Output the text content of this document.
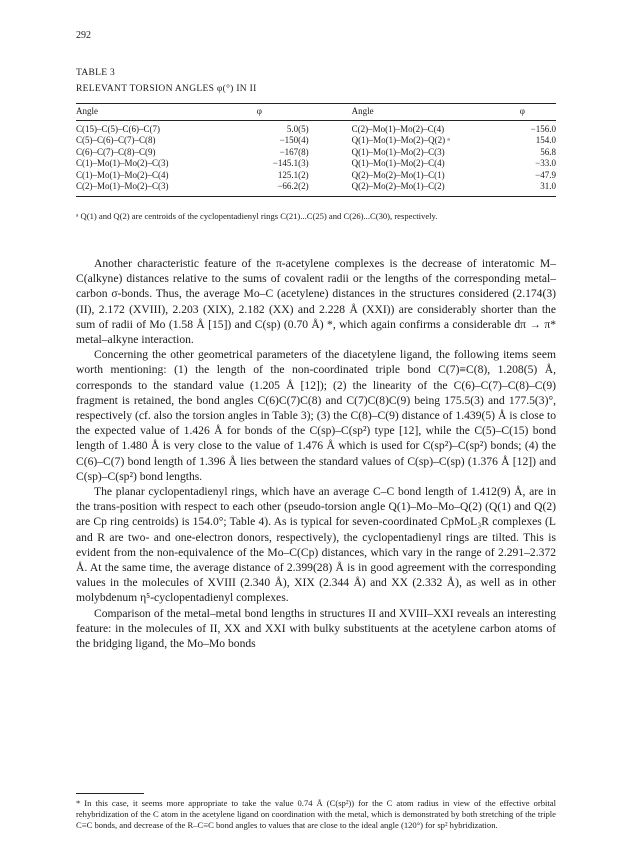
292
TABLE 3
RELEVANT TORSION ANGLES φ(°) IN II
Angle	φ	Angle	φ
C(15)–C(5)–C(6)–C(7)	5.0(5)	C(2)–Mo(1)–Mo(2)–C(4)	−156.0
C(5)–C(6)–C(7)–C(8)	−150(4)	Q(1)–Mo(1)–Mo(2)–Q(2) ᵃ	154.0
C(6)–C(7)–C(8)–C(9)	−167(8)	Q(1)–Mo(1)–Mo(2)–C(3)	56.8
C(1)–Mo(1)–Mo(2)–C(3)	−145.1(3)	Q(1)–Mo(1)–Mo(2)–C(4)	−33.0
C(1)–Mo(1)–Mo(2)–C(4)	125.1(2)	Q(2)–Mo(2)–Mo(1)–C(1)	−47.9
C(2)–Mo(1)–Mo(2)–C(3)	−66.2(2)	Q(2)–Mo(2)–Mo(1)–C(2)	31.0
ᵃ Q(1) and Q(2) are centroids of the cyclopentadienyl rings C(21)...C(25) and C(26)...C(30), respectively.

Another characteristic feature of the π-acetylene complexes is the decrease of interatomic M–C(alkyne) distances relative to the sums of covalent radii or the lengths of the corresponding metal–carbon σ-bonds. Thus, the average Mo–C (acetylene) distances in the structures considered (2.174(3) (II), 2.172 (XVIII), 2.203 (XIX), 2.182 (XX) and 2.228 Å (XXI)) are considerably shorter than the sum of radii of Mo (1.58 Å [15]) and C(sp) (0.70 Å) *, which again confirms a considerable dπ → π* metal–alkyne interaction.

Concerning the other geometrical parameters of the diacetylene ligand, the following items seem worth mentioning: (1) the length of the non-coordinated triple bond C(7)≡C(8), 1.208(5) Å, corresponds to the standard value (1.205 Å [12]); (2) the linearity of the C(6)–C(7)–C(8)–C(9) fragment is retained, the bond angles C(6)C(7)C(8) and C(7)C(8)C(9) being 175.5(3) and 177.5(3)°, respectively (cf. also the torsion angles in Table 3); (3) the C(8)–C(9) distance of 1.439(5) Å is close to the expected value of 1.426 Å for bonds of the C(sp)–C(sp²) type [12], while the C(5)–C(15) bond length of 1.480 Å is very close to the value of 1.476 Å which is used for C(sp²)–C(sp²) bonds; (4) the C(6)–C(7) bond length of 1.396 Å lies between the standard values of C(sp)–C(sp) (1.376 Å [12]) and C(sp)–C(sp²) bond lengths.

The planar cyclopentadienyl rings, which have an average C–C bond length of 1.412(9) Å, are in the trans-position with respect to each other (pseudo-torsion angle Q(1)–Mo–Mo–Q(2) (Q(1) and Q(2) are Cp ring centroids) is 154.0°; Table 4). As is typical for seven-coordinated CpMoL₃R complexes (L and R are two- and one-electron donors, respectively), the cyclopentadienyl rings are tilted. This is evident from the non-equivalence of the Mo–C(Cp) distances, which vary in the range of 2.291–2.372 Å. At the same time, the average distance of 2.399(28) Å is in good agreement with the corresponding values in the molecules of XVIII (2.340 Å), XIX (2.344 Å) and XX (2.332 Å), as well as in other molybdenum η⁵-cyclopentadienyl complexes.

Comparison of the metal–metal bond lengths in structures II and XVIII–XXI reveals an interesting feature: in the molecules of II, XX and XXI with bulky substituents at the acetylene carbon atoms of the bridging ligand, the Mo–Mo bonds

* In this case, it seems more appropriate to take the value 0.74 Å (C(sp²)) for the C atom radius in view of the effective orbital rehybridization of the C atom in the acetylene ligand on coordination with the metal, which is demonstrated by both stretching of the triple C≡C bonds, and decrease of the R–C≡C bond angles to values that are close to the ideal angle (120°) for sp² hybridization.
